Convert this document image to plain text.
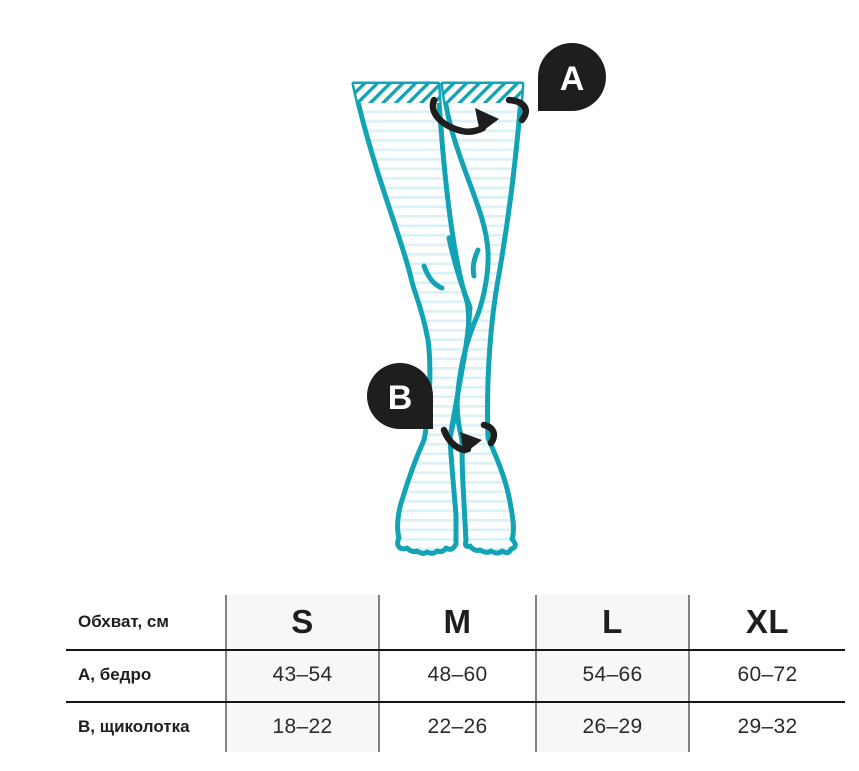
A
B
Обхват, см	S	M	L	XL
А, бедро	43–54	48–60	54–66	60–72
В, щиколотка	18–22	22–26	26–29	29–32
